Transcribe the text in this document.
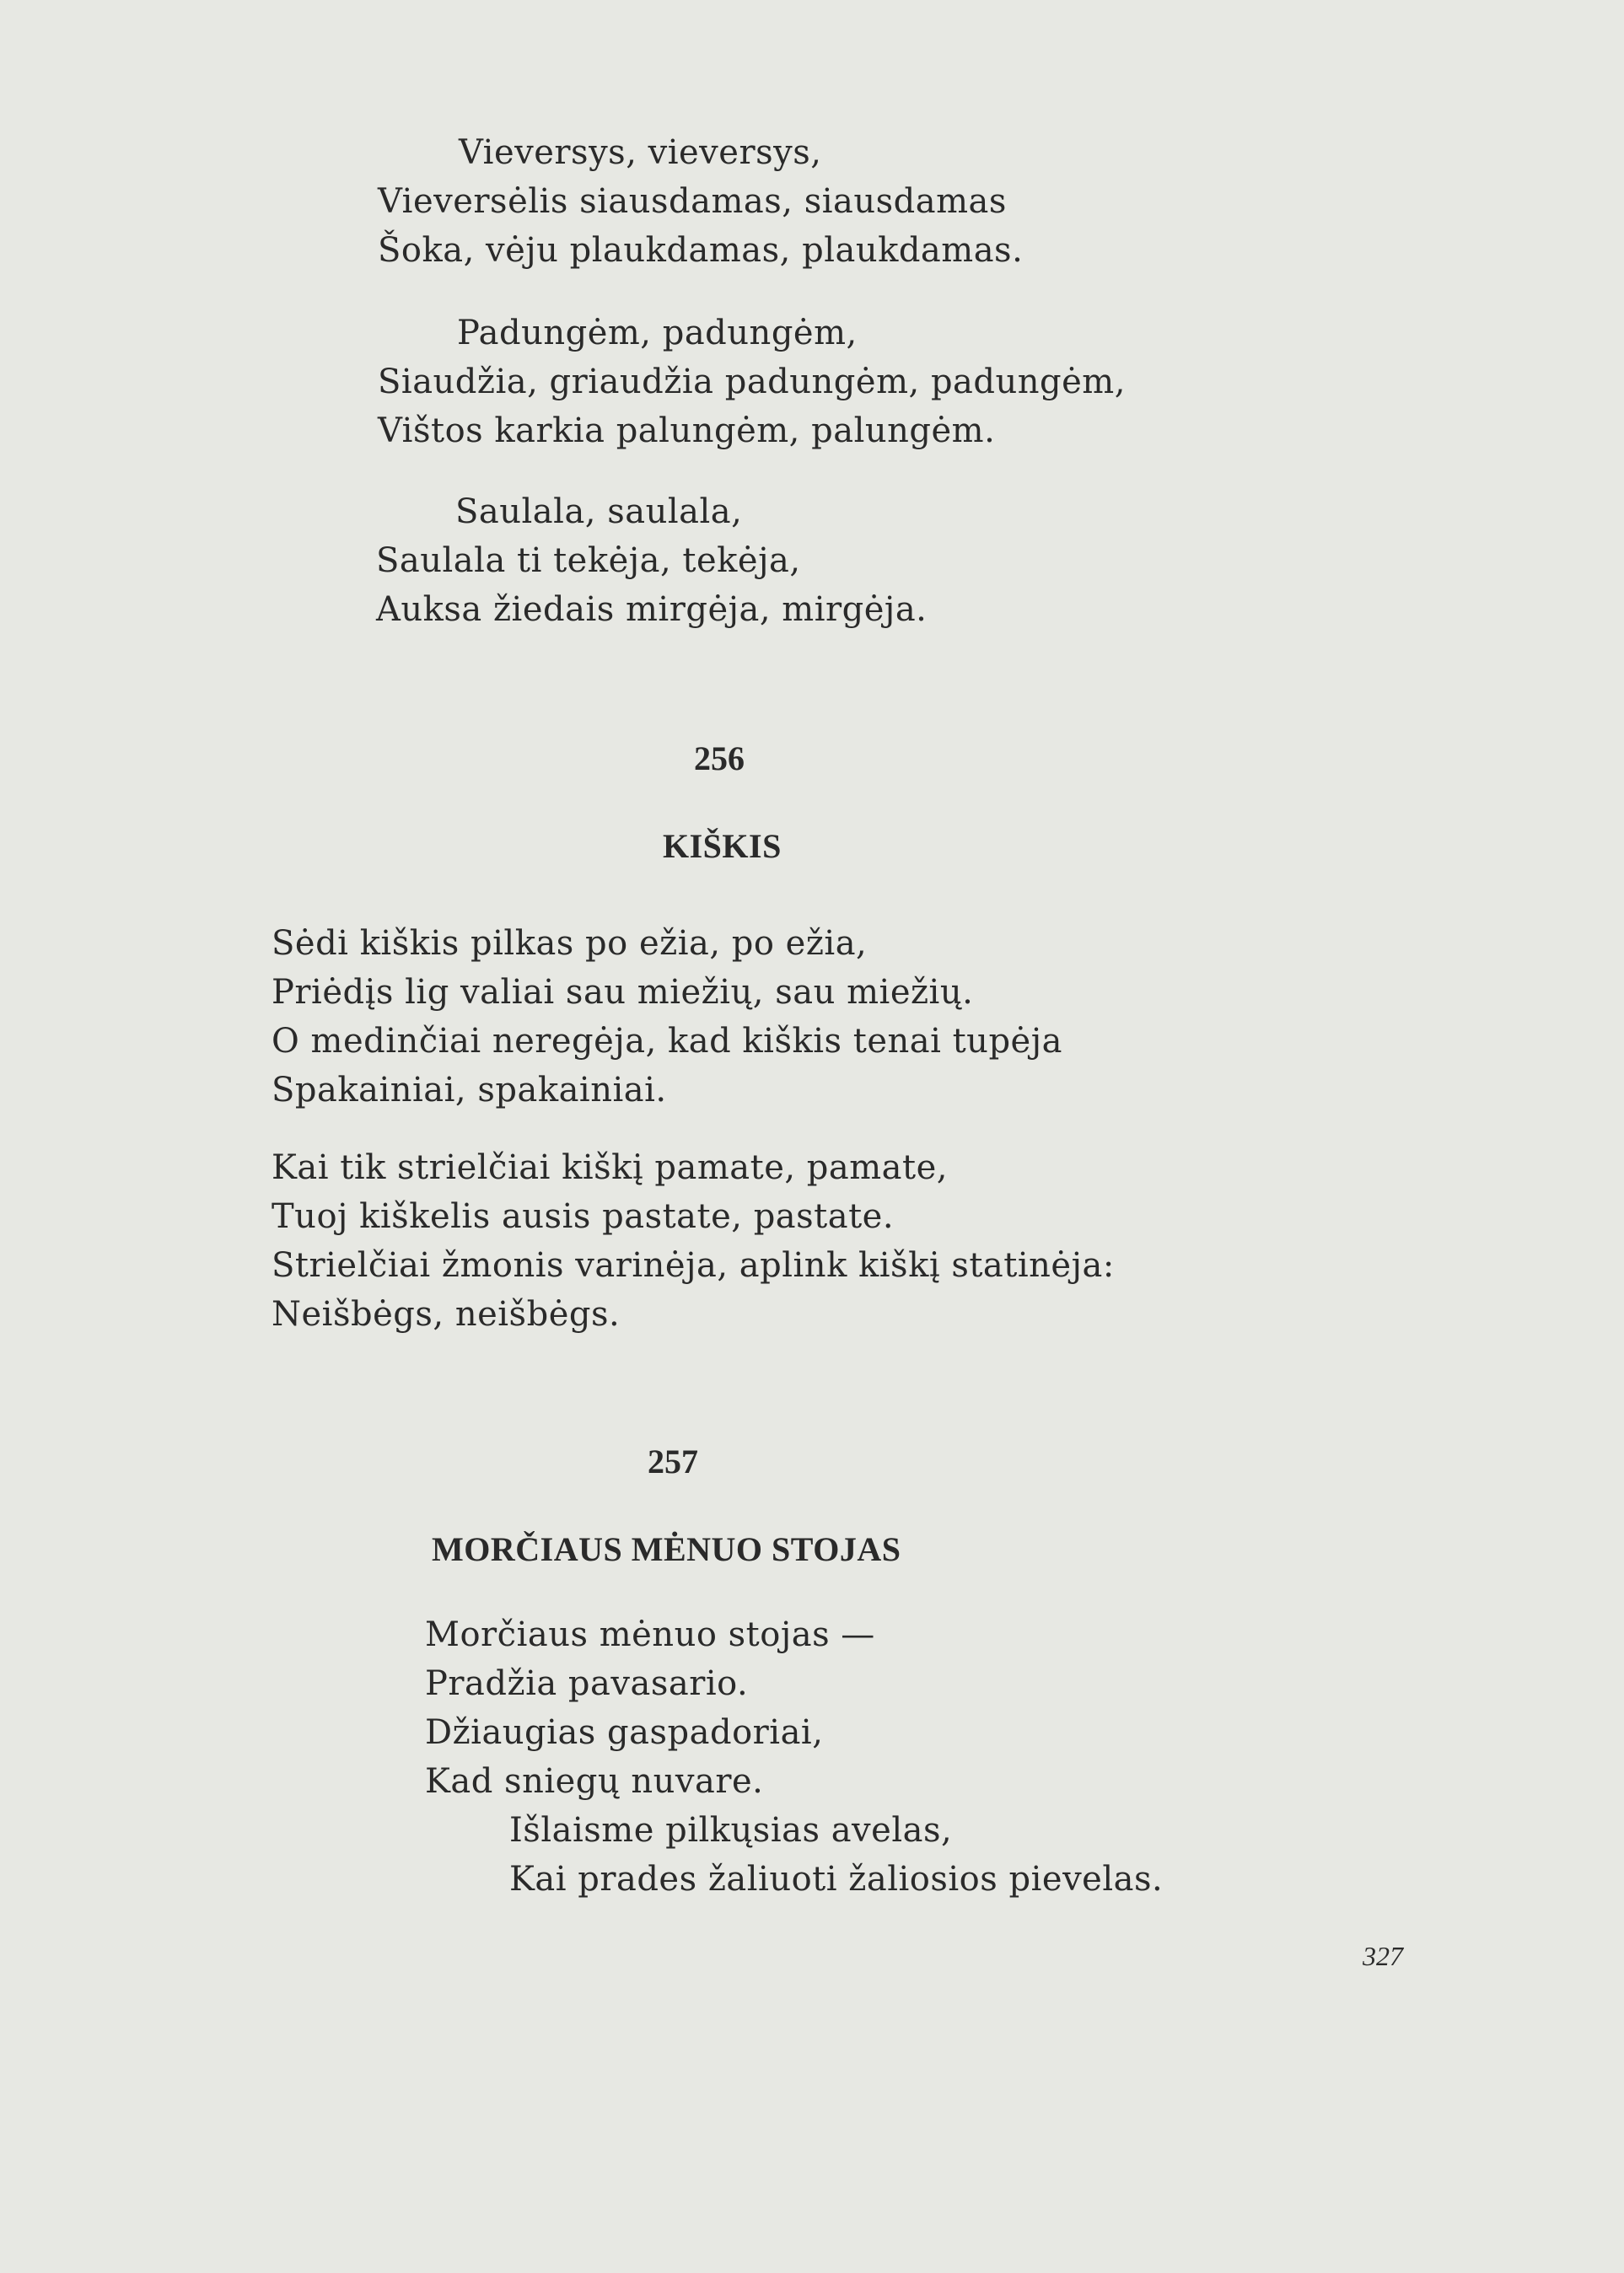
Vieversys, vieversys,
Vieversėlis siausdamas, siausdamas
Šoka, vėju plaukdamas, plaukdamas.
Padungėm, padungėm,
Siaudžia, griaudžia padungėm, padungėm,
Vištos karkia palungėm, palungėm.
Saulala, saulala,
Saulala ti tekėja, tekėja,
Auksa žiedais mirgėja, mirgėja.
256
KIŠKIS
Sėdi kiškis pilkas po ežia, po ežia,
Priėdįs lig valiai sau miežių, sau miežių.
O medinčiai neregėja, kad kiškis tenai tupėja
Spakainiai, spakainiai.
Kai tik strielčiai kiškį pamate, pamate,
Tuoj kiškelis ausis pastate, pastate.
Strielčiai žmonis varinėja, aplink kiškį statinėja:
Neišbėgs, neišbėgs.
257
MORČIAUS MĖNUO STOJAS
Morčiaus mėnuo stojas —
Pradžia pavasario.
Džiaugias gaspadoriai,
Kad sniegų nuvare.
Išlaisme pilkųsias avelas,
Kai prades žaliuoti žaliosios pievelas.
327
